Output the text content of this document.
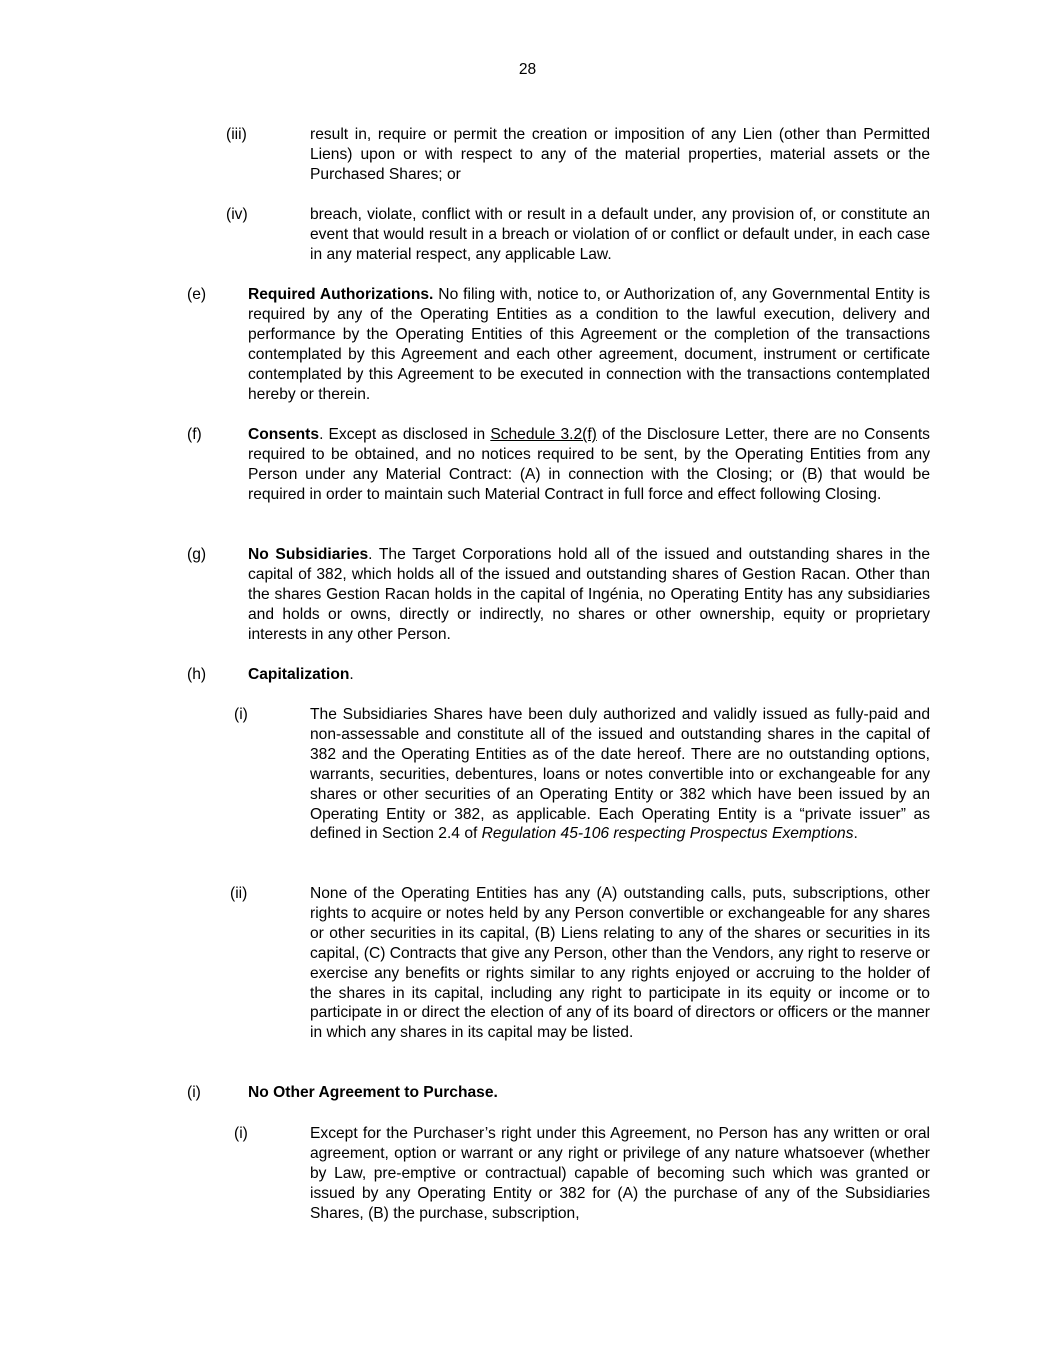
28
(iii)	result in, require or permit the creation or imposition of any Lien (other than Permitted Liens) upon or with respect to any of the material properties, material assets or the Purchased Shares; or
(iv)	breach, violate, conflict with or result in a default under, any provision of, or constitute an event that would result in a breach or violation of or conflict or default under, in each case in any material respect, any applicable Law.
(e)	Required Authorizations. No filing with, notice to, or Authorization of, any Governmental Entity is required by any of the Operating Entities as a condition to the lawful execution, delivery and performance by the Operating Entities of this Agreement or the completion of the transactions contemplated by this Agreement and each other agreement, document, instrument or certificate contemplated by this Agreement to be executed in connection with the transactions contemplated hereby or therein.
(f)	Consents. Except as disclosed in Schedule 3.2(f) of the Disclosure Letter, there are no Consents required to be obtained, and no notices required to be sent, by the Operating Entities from any Person under any Material Contract: (A) in connection with the Closing; or (B) that would be required in order to maintain such Material Contract in full force and effect following Closing.
(g)	No Subsidiaries. The Target Corporations hold all of the issued and outstanding shares in the capital of 382, which holds all of the issued and outstanding shares of Gestion Racan. Other than the shares Gestion Racan holds in the capital of Ingénia, no Operating Entity has any subsidiaries and holds or owns, directly or indirectly, no shares or other ownership, equity or proprietary interests in any other Person.
(h)	Capitalization.
(i)	The Subsidiaries Shares have been duly authorized and validly issued as fully-paid and non-assessable and constitute all of the issued and outstanding shares in the capital of 382 and the Operating Entities as of the date hereof. There are no outstanding options, warrants, securities, debentures, loans or notes convertible into or exchangeable for any shares or other securities of an Operating Entity or 382 which have been issued by an Operating Entity or 382, as applicable. Each Operating Entity is a “private issuer” as defined in Section 2.4 of Regulation 45-106 respecting Prospectus Exemptions.
(ii)	None of the Operating Entities has any (A) outstanding calls, puts, subscriptions, other rights to acquire or notes held by any Person convertible or exchangeable for any shares or other securities in its capital, (B) Liens relating to any of the shares or securities in its capital, (C) Contracts that give any Person, other than the Vendors, any right to reserve or exercise any benefits or rights similar to any rights enjoyed or accruing to the holder of the shares in its capital, including any right to participate in its equity or income or to participate in or direct the election of any of its board of directors or officers or the manner in which any shares in its capital may be listed.
(i)	No Other Agreement to Purchase.
(i)	Except for the Purchaser’s right under this Agreement, no Person has any written or oral agreement, option or warrant or any right or privilege of any nature whatsoever (whether by Law, pre-emptive or contractual) capable of becoming such which was granted or issued by any Operating Entity or 382 for (A) the purchase of any of the Subsidiaries Shares, (B) the purchase, subscription,
